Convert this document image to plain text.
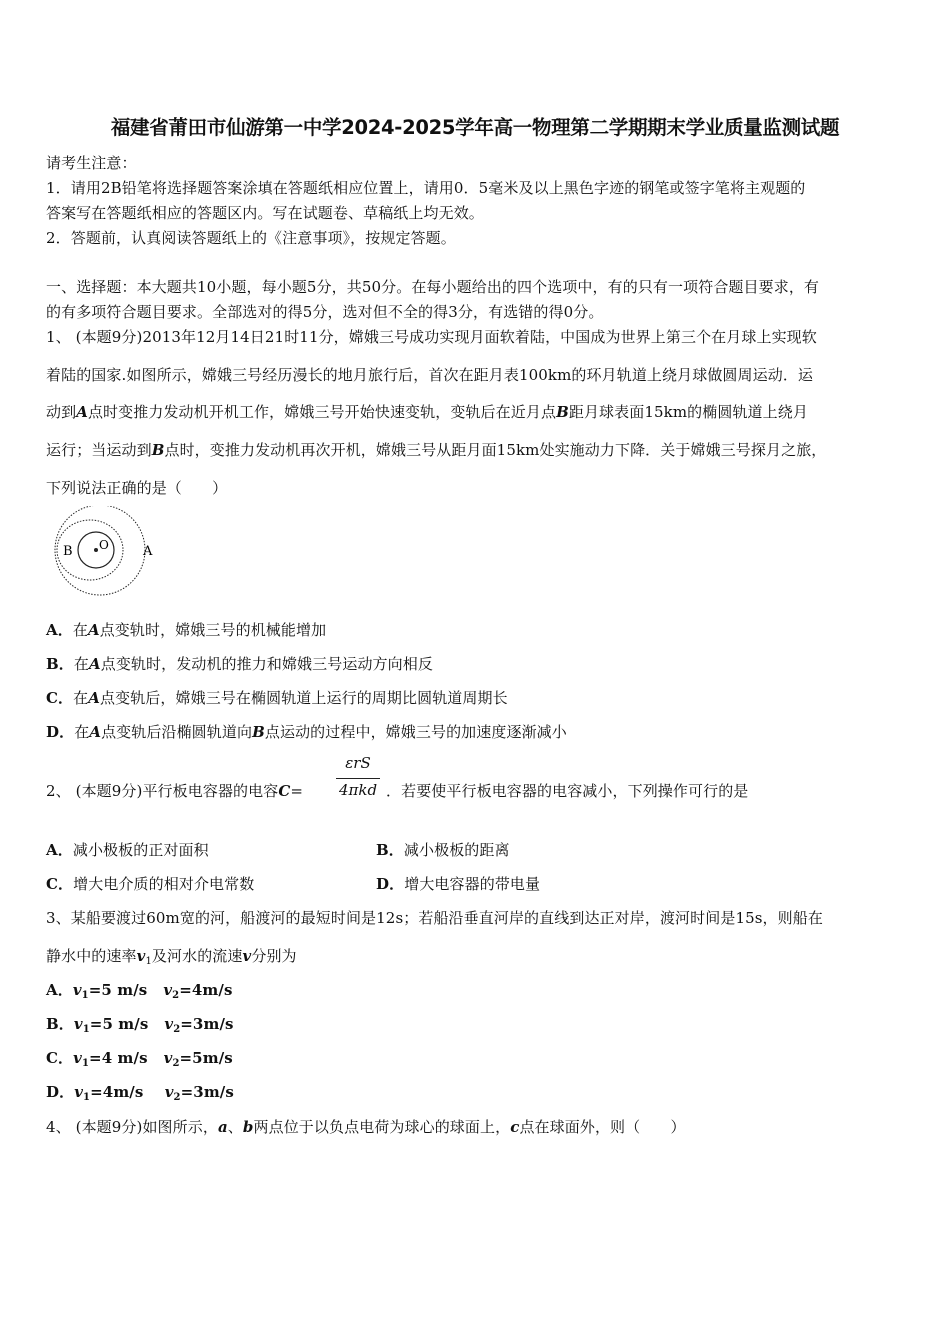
福建省莆田市仙游第一中学2024-2025学年高一物理第二学期期末学业质量监测试题
请考生注意：
1．请用2B铅笔将选择题答案涂填在答题纸相应位置上，请用0．5毫米及以上黑色字迹的钢笔或签字笔将主观题的
答案写在答题纸相应的答题区内。写在试题卷、草稿纸上均无效。
2．答题前，认真阅读答题纸上的《注意事项》，按规定答题。
一、选择题：本大题共10小题，每小题5分，共50分。在每小题给出的四个选项中，有的只有一项符合题目要求，有
的有多项符合题目要求。全部选对的得5分，选对但不全的得3分，有选错的得0分。
1、 (本题9分)2013年12月14日21时11分，嫦娥三号成功实现月面软着陆，中国成为世界上第三个在月球上实现软
着陆的国家.如图所示，嫦娥三号经历漫长的地月旅行后，首次在距月表100km的环月轨道上绕月球做圆周运动．运
动到A点时变推力发动机开机工作，嫦娥三号开始快速变轨，变轨后在近月点B距月球表面15km的椭圆轨道上绕月
运行；当运动到B点时，变推力发动机再次开机，嫦娥三号从距月面15km处实施动力下降．关于嫦娥三号探月之旅，
下列说法正确的是（　　）
B O	A
A．在A点变轨时，嫦娥三号的机械能增加
B．在A点变轨时，发动机的推力和嫦娥三号运动方向相反
C．在A点变轨后，嫦娥三号在椭圆轨道上运行的周期比圆轨道周期长
D．在A点变轨后沿椭圆轨道向B点运动的过程中，嫦娥三号的加速度逐渐减小
2、 (本题9分)平行板电容器的电容C=
εrS
4πkd ．若要使平行板电容器的电容减小，下列操作可行的是
A．减小极板的正对面积	B．减小极板的距离
C．增大电介质的相对介电常数	D．增大电容器的带电量
3、某船要渡过60m宽的河，船渡河的最短时间是12s；若船沿垂直河岸的直线到达正对岸，渡河时间是15s，则船在
静水中的速率$v_1$及河水的流速v分别为
A．$v_1=5$ m/s $v_2=4m/s$
B．$v_1=5$ m/s $v_2=3m/s$
C．$v_1=4$ m/s $v_2=5m/s$
D．$v_1=4m/s$ $v_2=3m/s$
4、 (本题9分)如图所示，a、b两点位于以负点电荷为球心的球面上，c点在球面外，则（　　）
